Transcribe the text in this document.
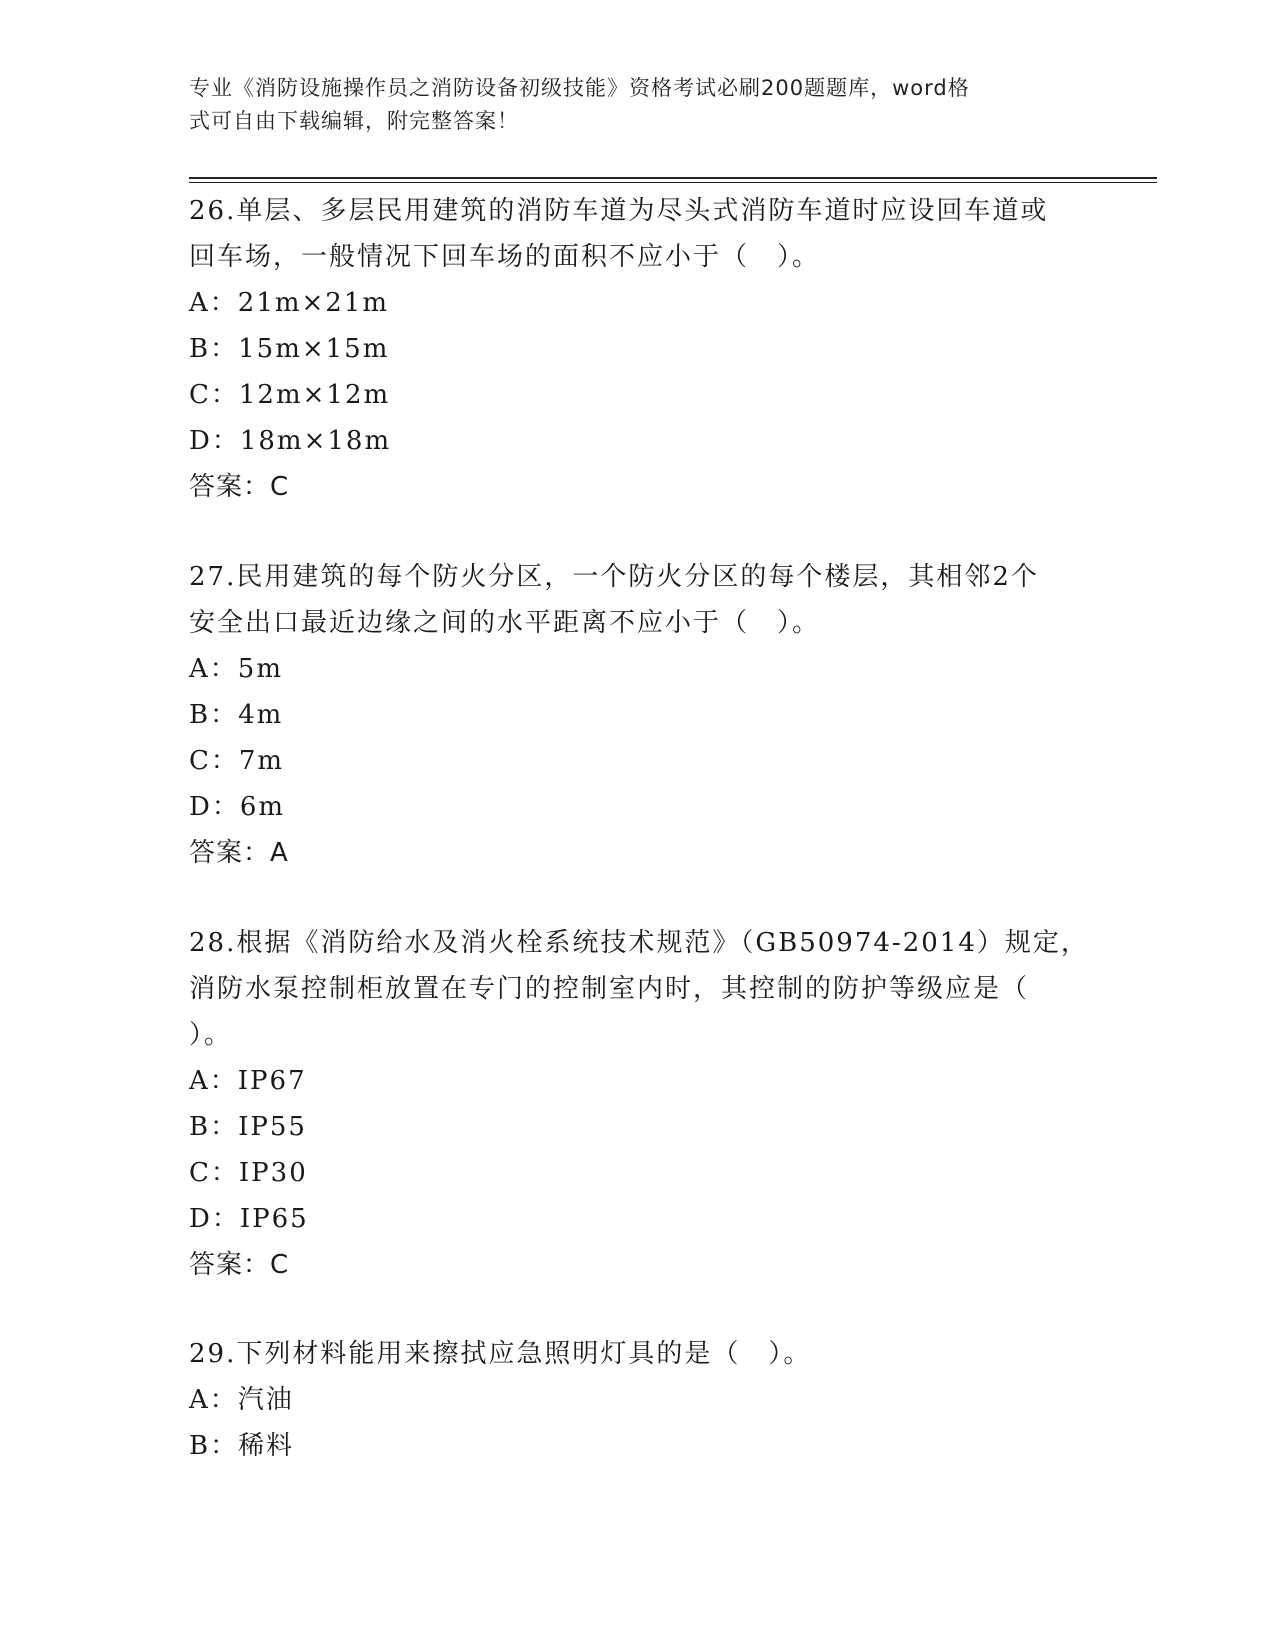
专业《消防设施操作员之消防设备初级技能》资格考试必刷200题题库，word格
式可自由下载编辑，附完整答案！

26.单层、多层民用建筑的消防车道为尽头式消防车道时应设回车道或

回车场，一般情况下回车场的面积不应小于（　）。

A：21m×21m

B：15m×15m

C：12m×12m

D：18m×18m

答案：C

27.民用建筑的每个防火分区，一个防火分区的每个楼层，其相邻2个

安全出口最近边缘之间的水平距离不应小于（　）。

A：5m

B：4m

C：7m

D：6m

答案：A

28.根据《消防给水及消火栓系统技术规范》（GB50974-2014）规定，

消防水泵控制柜放置在专门的控制室内时，其控制的防护等级应是（

）。

A：IP67

B：IP55

C：IP30

D：IP65

答案：C

29.下列材料能用来擦拭应急照明灯具的是（　）。

A：汽油

B：稀料
